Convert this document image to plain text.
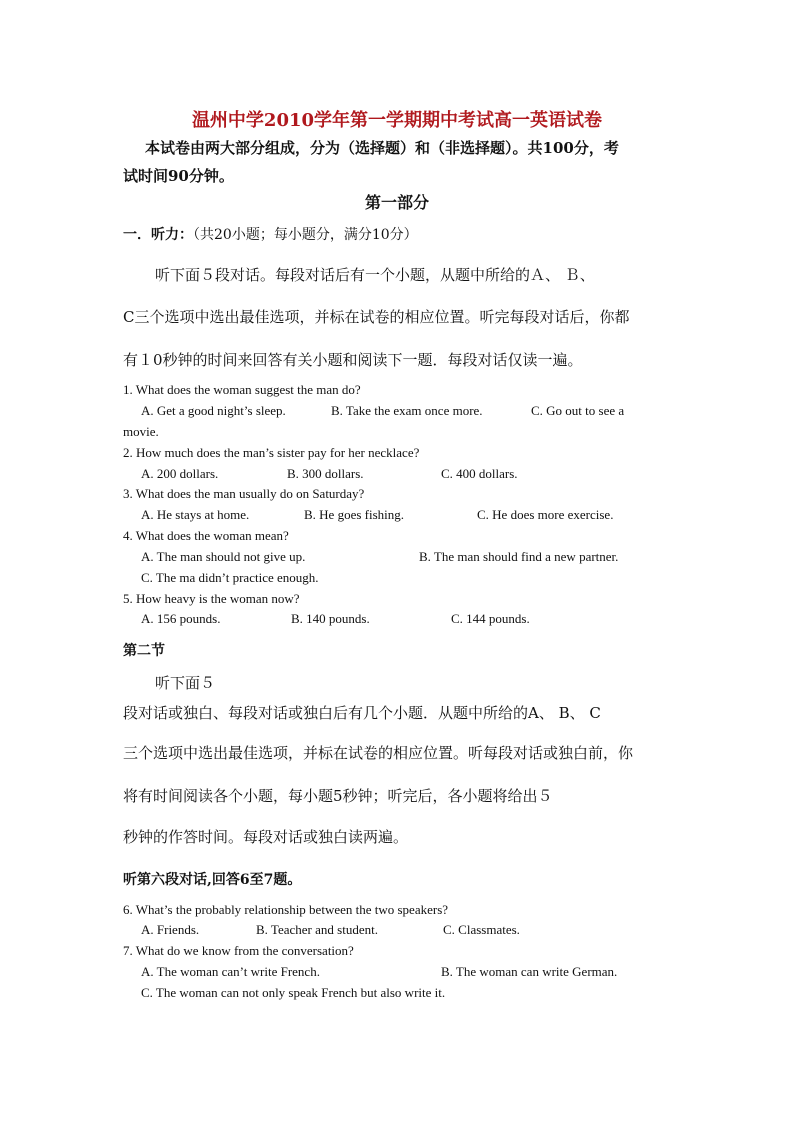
温州中学2010学年第一学期期中考试高一英语试卷
本试卷由两大部分组成，分为（选择题）和（非选择题）。共100分，考
试时间90分钟。
第一部分
一．听力：（共20小题；每小题分，满分10分）
听下面５段对话。每段对话后有一个小题，从题中所给的Ａ、 Ｂ、
C三个选项中选出最佳选项，并标在试卷的相应位置。听完每段对话后，你都
有１0秒钟的时间来回答有关小题和阅读下一题．每段对话仅读一遍。
1. What does the woman suggest the man do?
A. Get a good night’s sleep.	B. Take the exam once more.	C. Go out to see a
movie.
2. How much does the man’s sister pay for her necklace?
A. 200 dollars.	B. 300 dollars.	C. 400 dollars.
3. What does the man usually do on Saturday?
A. He stays at home.	B. He goes fishing.	C. He does more exercise.
4. What does the woman mean?
A. The man should not give up.	B. The man should find a new partner.
C. The ma didn’t practice enough.
5. How heavy is the woman now?
A. 156 pounds.	B. 140 pounds.	C. 144 pounds.
第二节
听下面５
段对话或独白、每段对话或独白后有几个小题．从题中所给的A、 B、 C
三个选项中选出最佳选项，并标在试卷的相应位置。听每段对话或独白前，你
将有时间阅读各个小题，每小题5秒钟；听完后，各小题将给出５
秒钟的作答时间。每段对话或独白读两遍。
听第六段对话,回答6至7题。
6. What’s the probably relationship between the two speakers?
A. Friends.	B. Teacher and student.	C. Classmates.
7. What do we know from the conversation?
A. The woman can’t write French.	B. The woman can write German.
C. The woman can not only speak French but also write it.
